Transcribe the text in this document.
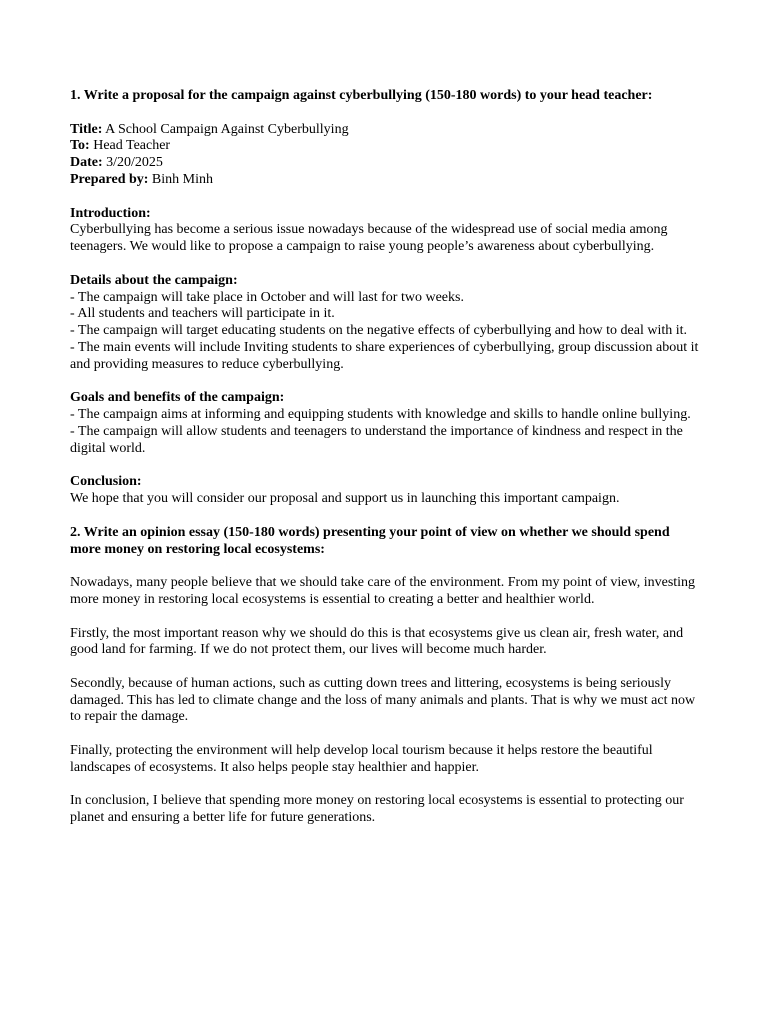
1. Write a proposal for the campaign against cyberbullying (150-180 words) to your head teacher:

Title: A School Campaign Against Cyberbullying
To: Head Teacher
Date: 3/20/2025
Prepared by: Binh Minh

Introduction:

Cyberbullying has become a serious issue nowadays because of the widespread use of social media among teenagers. We would like to propose a campaign to raise young people’s awareness about cyberbullying.

Details about the campaign:

- The campaign will take place in October and will last for two weeks.

- All students and teachers will participate in it.

- The campaign will target educating students on the negative effects of cyberbullying and how to deal with it.

- The main events will include Inviting students to share experiences of cyberbullying, group discussion about it and providing measures to reduce cyberbullying.

Goals and benefits of the campaign:

- The campaign aims at informing and equipping students with knowledge and skills to handle online bullying.

- The campaign will allow students and teenagers to understand the importance of kindness and respect in the digital world.

Conclusion:

We hope that you will consider our proposal and support us in launching this important campaign.

2. Write an opinion essay (150-180 words) presenting your point of view on whether we should spend more money on restoring local ecosystems:

Nowadays, many people believe that we should take care of the environment. From my point of view, investing more money in restoring local ecosystems is essential to creating a better and healthier world.

Firstly, the most important reason why we should do this is that ecosystems give us clean air, fresh water, and good land for farming. If we do not protect them, our lives will become much harder.

Secondly, because of human actions, such as cutting down trees and littering, ecosystems is being seriously damaged. This has led to climate change and the loss of many animals and plants. That is why we must act now to repair the damage.

Finally, protecting the environment will help develop local tourism because it helps restore the beautiful landscapes of ecosystems. It also helps people stay healthier and happier.

In conclusion, I believe that spending more money on restoring local ecosystems is essential to protecting our planet and ensuring a better life for future generations.
